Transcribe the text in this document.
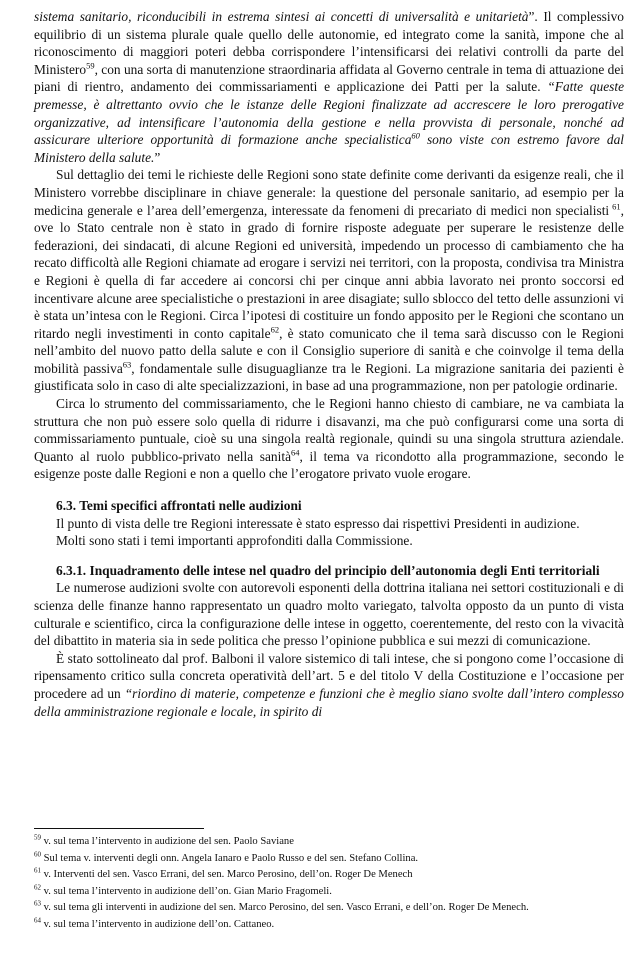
sistema sanitario, riconducibili in estrema sintesi ai concetti di universalità e unitarietà”. Il complessivo equilibrio di un sistema plurale quale quello delle autonomie, ed integrato come la sanità, impone che al riconoscimento di maggiori poteri debba corrispondere l’intensificarsi dei relativi controlli da parte del Ministero$^{59}$, con una sorta di manutenzione straordinaria affidata al Governo centrale in tema di attuazione dei piani di rientro, andamento dei commissariamenti e applicazione dei Patti per la salute. “Fatte queste premesse, è altrettanto ovvio che le istanze delle Regioni finalizzate ad accrescere le loro prerogative organizzative, ad intensificare l’autonomia della gestione e nella provvista di personale, nonché ad assicurare ulteriore opportunità di formazione anche specialistica$^{60}$ sono viste con estremo favore dal Ministero della salute.”

Sul dettaglio dei temi le richieste delle Regioni sono state definite come derivanti da esigenze reali, che il Ministero vorrebbe disciplinare in chiave generale: la questione del personale sanitario, ad esempio per la medicina generale e l’area dell’emergenza, interessate da fenomeni di precariato di medici non specialisti $^{61}$, ove lo Stato centrale non è stato in grado di fornire risposte adeguate per superare le resistenze delle federazioni, dei sindacati, di alcune Regioni ed università, impedendo un processo di cambiamento che ha recato difficoltà alle Regioni chiamate ad erogare i servizi nei territori, con la proposta, condivisa tra Ministra e Regioni è quella di far accedere ai concorsi chi per cinque anni abbia lavorato nei pronto soccorsi ed incentivare alcune aree specialistiche o prestazioni in aree disagiate; sullo sblocco del tetto delle assunzioni vi è stata un’intesa con le Regioni. Circa l’ipotesi di costituire un fondo apposito per le Regioni che scontano un ritardo negli investimenti in conto capitale$^{62}$, è stato comunicato che il tema sarà discusso con le Regioni nell’ambito del nuovo patto della salute e con il Consiglio superiore di sanità e che coinvolge il tema della mobilità passiva$^{63}$, fondamentale sulle disuguaglianze tra le Regioni. La migrazione sanitaria dei pazienti è giustificata solo in caso di alte specializzazioni, in base ad una programmazione, non per patologie ordinarie.

Circa lo strumento del commissariamento, che le Regioni hanno chiesto di cambiare, ne va cambiata la struttura che non può essere solo quella di ridurre i disavanzi, ma che può configurarsi come una sorta di commissariamento puntuale, cioè su una singola realtà regionale, quindi su una singola struttura aziendale. Quanto al ruolo pubblico-privato nella sanità$^{64}$, il tema va ricondotto alla programmazione, secondo le esigenze poste dalle Regioni e non a quello che l’erogatore privato vuole erogare.

6.3. Temi specifici affrontati nelle audizioni

Il punto di vista delle tre Regioni interessate è stato espresso dai rispettivi Presidenti in audizione.

Molti sono stati i temi importanti approfonditi dalla Commissione.

6.3.1. Inquadramento delle intese nel quadro del principio dell’autonomia degli Enti territoriali

Le numerose audizioni svolte con autorevoli esponenti della dottrina italiana nei settori costituzionali e di scienza delle finanze hanno rappresentato un quadro molto variegato, talvolta opposto da un punto di vista culturale e scientifico, circa la configurazione delle intese in oggetto, coerentemente, del resto con la vivacità del dibattito in materia sia in sede politica che presso l’opinione pubblica e sui mezzi di comunicazione.

È stato sottolineato dal prof. Balboni il valore sistemico di tali intese, che si pongono come l’occasione di ripensamento critico sulla concreta operatività dell’art. 5 e del titolo V della Costituzione e l’occasione per procedere ad un “riordino di materie, competenze e funzioni che è meglio siano svolte dall’intero complesso della amministrazione regionale e locale, in spirito di

$^{59}$ v. sul tema l’intervento in audizione del sen. Paolo Saviane

$^{60}$ Sul tema v. interventi degli onn. Angela Ianaro e Paolo Russo e del sen. Stefano Collina.

$^{61}$ v. Interventi del sen. Vasco Errani, del sen. Marco Perosino, dell’on. Roger De Menech

$^{62}$ v. sul tema l’intervento in audizione dell’on. Gian Mario Fragomeli.

$^{63}$ v. sul tema gli interventi in audizione del sen. Marco Perosino, del sen. Vasco Errani, e dell’on. Roger De Menech.

$^{64}$ v. sul tema l’intervento in audizione dell’on. Cattaneo.
